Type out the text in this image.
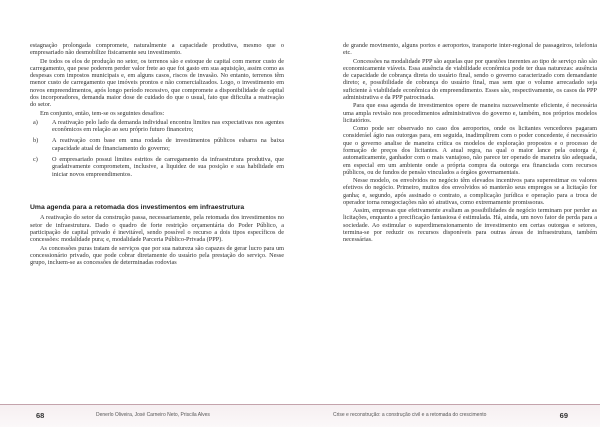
estagnação prolongada compromete, naturalmente a capacidade produtiva, mesmo que o empresariado não desmobilize fisicamente seu investimento.

De todos os elos de produção no setor, os terrenos são e estoque de capital com menor custo de carregamento, que pese poderem perder valor frete ao que foi gasto em sua aquisição, assim como as despesas com impostos municipais e, em alguns casos, riscos de invasão. No entanto, terrenos têm menor custo de carregamento que imóveis prontos e não comercializados. Logo, o investimento em novos empreendimentos, após longo período recessivo, que compromete a disponibilidade de capital dos incorporadores, demanda maior dose de cuidado do que o usual, fato que dificulta a reativação do setor.

Em conjunto, então, tem-se os seguintes desafios:

a) A reativação pelo lado da demanda individual encontra limites nas expectativas nos agentes econômicos em relação ao seu próprio futuro financeiro;
b) A reativação com base em uma rodada de investimentos públicos esbarra na baixa capacidade atual de financiamento do governo;
c) O empresariado possui limites estritos de carregamento da infraestrutura produtiva, que gradativamente comprometem, inclusive, a liquidez de sua posição e sua habilidade em iniciar novos empreendimentos.
Uma agenda para a retomada dos investimentos em infraestrutura

A reativação do setor da construção passa, necessariamente, pela retomada dos investimentos no setor de infraestrutura. Dado o quadro de forte restrição orçamentária do Poder Público, a participação de capital privado é inevitável, sendo possível o recurso a dois tipos específicos de concessões: modalidade pura; e, modalidade Parceria Público-Privada (PPP).

As concessões puras tratam de serviços que por sua natureza são capazes de gerar lucro para um concessionário privado, que pode cobrar diretamente do usuário pela prestação do serviço. Nesse grupo, incluem-se as concessões de determinadas rodovias

68	Denerlo Oliveira, José Carneiro Neto, Priscila Alves

de grande movimento, alguns portos e aeroportos, transporte inter-regional de passageiros, telefonia etc.

Concessões na modalidade PPP são aquelas que por questões inerentes ao tipo de serviço não são economicamente viáveis. Essa ausência de viabilidade econômica pode ter duas naturezas: ausência de capacidade de cobrança direta do usuário final, sendo o governo caracterizado com demandante direto; e, possibilidade de cobrança do usuário final, mas sem que o volume arrecadado seja suficiente à viabilidade econômica do empreendimento. Esses são, respectivamente, os casos da PPP administrativa e da PPP patrocinada.

Para que essa agenda de investimentos opere de maneira razoavelmente eficiente, é necessária uma ampla revisão nos procedimentos administrativos do governo e, também, nos próprios modelos licitatórios.

Como pode ser observado no caso dos aeroportos, onde os licitantes vencedores pagaram consideráel ágio nas outorgas para, em seguida, inadimplirem com o poder concedente, é necessário que o governo analise de maneira crítica os modelos de exploração propostos e o processo de formação de preços dos licitantes. A atual regra, na qual o maior lance pela outorga é, automaticamente, ganhador com o mais vantajoso, não parece ter operado de maneira tão adequada, em especial em um ambiente onde a própria compra da outorga era financiada com recursos públicos, ou de fundos de pensão vinculados a órgãos governamentais.

Nesse modelo, os envolvidos no negócio têm elevados incentivos para superestimar os valores efetivos do negócio. Primeiro, muitos dos envolvidos só manterão seus empregos se a licitação for ganha; e, segundo, após assinado o contrato, a complicação jurídica e operação para a troca de operador torna renegociações não só atrativas, como extremamente promissoras.

Assim, empresas que efetivamente avaliam as possibilidades de negócio terminam por perder as licitações, enquanto a precificação fantasiosa é estimulada. Há, ainda, um novo fator de perda para a sociedade. Ao estimular o superdimensionamento de investimento em certas outorgas e setores, termina-se por reduzir os recursos disponíveis para outras áreas de infraestrutura, também necessárias.

Crise e reconstrução: a construção civil e a retomada do crescimento	69
